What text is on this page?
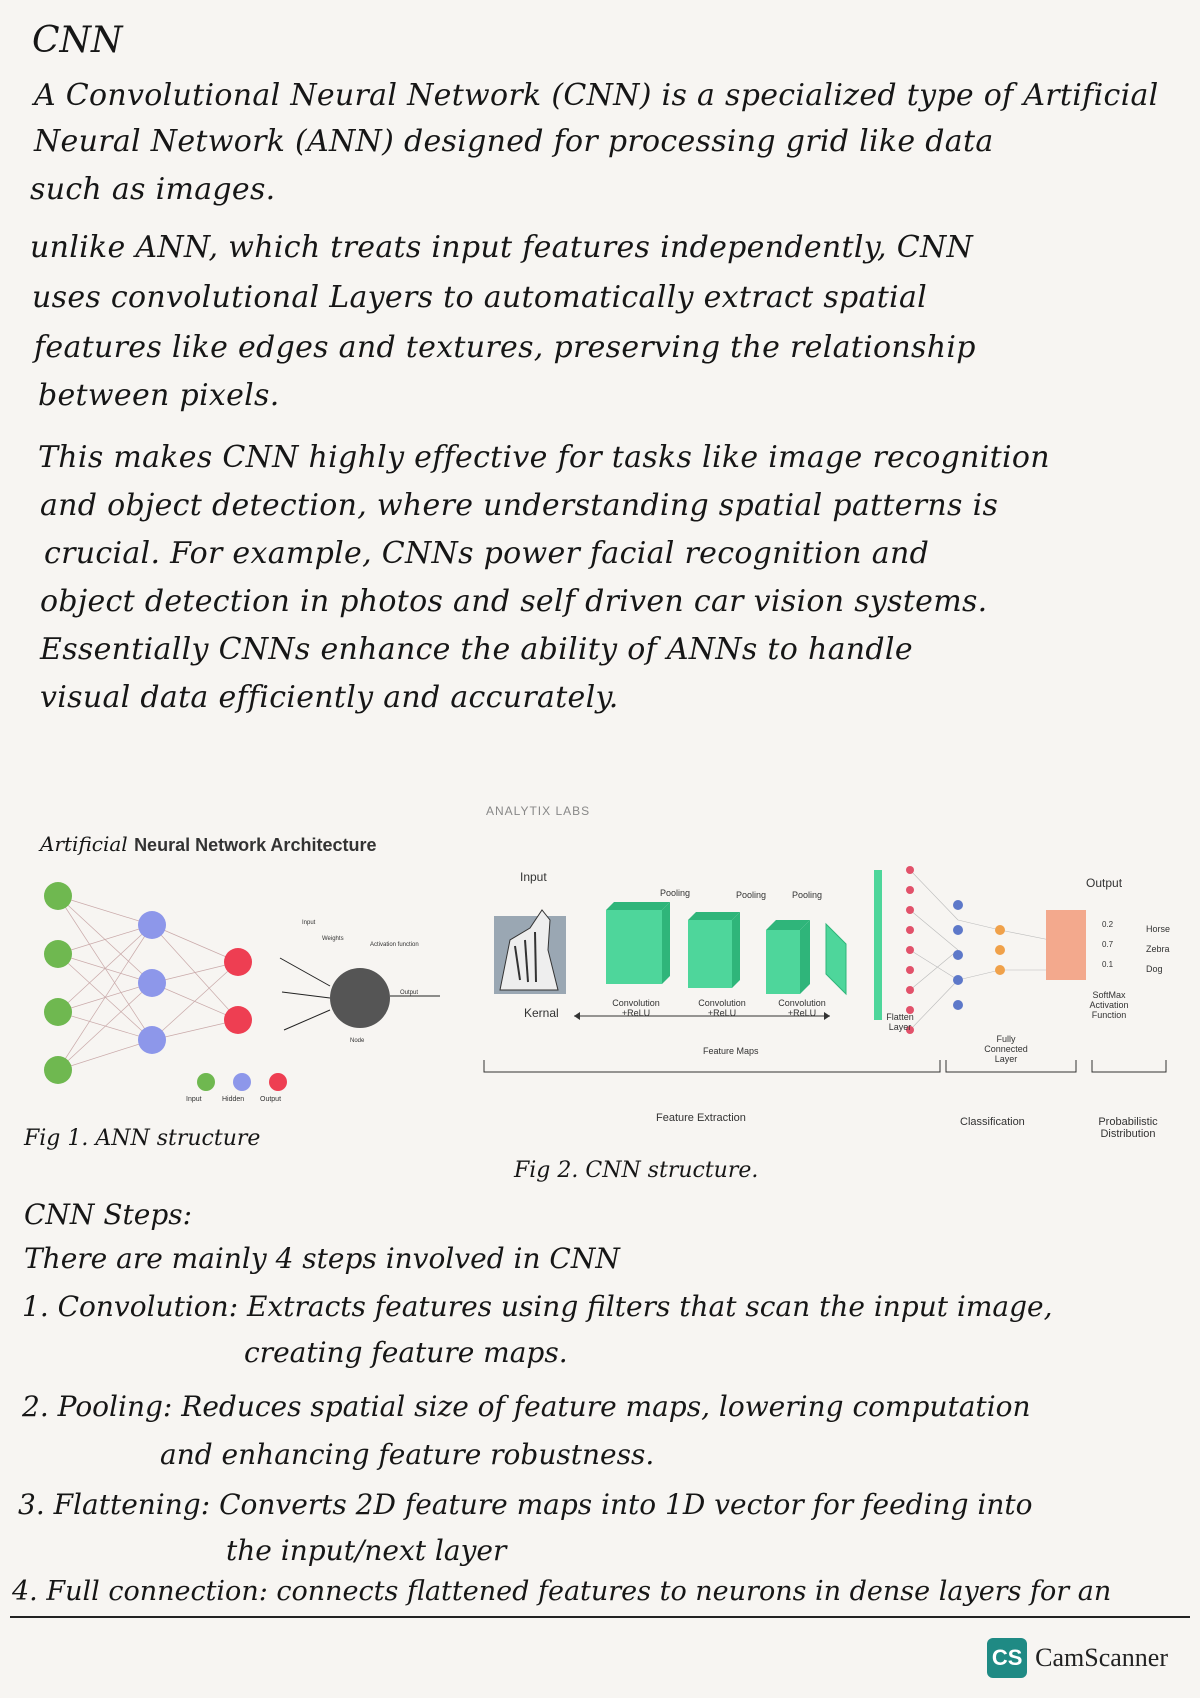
CNN
A Convolutional Neural Network (CNN) is a specialized type of Artificial
Neural Network (ANN) designed for processing grid like data
such as images.
unlike ANN, which treats input features independently, CNN
uses convolutional Layers to automatically extract spatial
features like edges and textures, preserving the relationship
between pixels.
This makes CNN highly effective for tasks like image recognition
and object detection, where understanding spatial patterns is
crucial. For example, CNNs power facial recognition and
object detection in photos and self driven car vision systems.
Essentially CNNs enhance the ability of ANNs to handle
visual data efficiently and accurately.
Artificial Neural Network Architecture
Input
Weights
Activation function
Output
Node
Input	Hidden Output
Fig 1. ANN structure
ANALYTIX LABS
Input
Kernal
Pooling	Pooling	Pooling
Convolution +ReLU
Convolution +ReLU
Convolution +ReLU
Feature Maps
Flatten Layer
Fully Connected Layer
Output
0.2
0.7
0.1
Horse
Zebra
Dog
SoftMax Activation Function
Feature Extraction	Classification	Probabilistic Distribution
Fig 2. CNN structure.
CNN Steps:
There are mainly 4 steps involved in CNN
1. Convolution: Extracts features using filters that scan the input image,
creating feature maps.
2. Pooling: Reduces spatial size of feature maps, lowering computation
and enhancing feature robustness.
3. Flattening: Converts 2D feature maps into 1D vector for feeding into
the input/next layer
4. Full connection: connects flattened features to neurons in dense layers for an
CS CamScanner
